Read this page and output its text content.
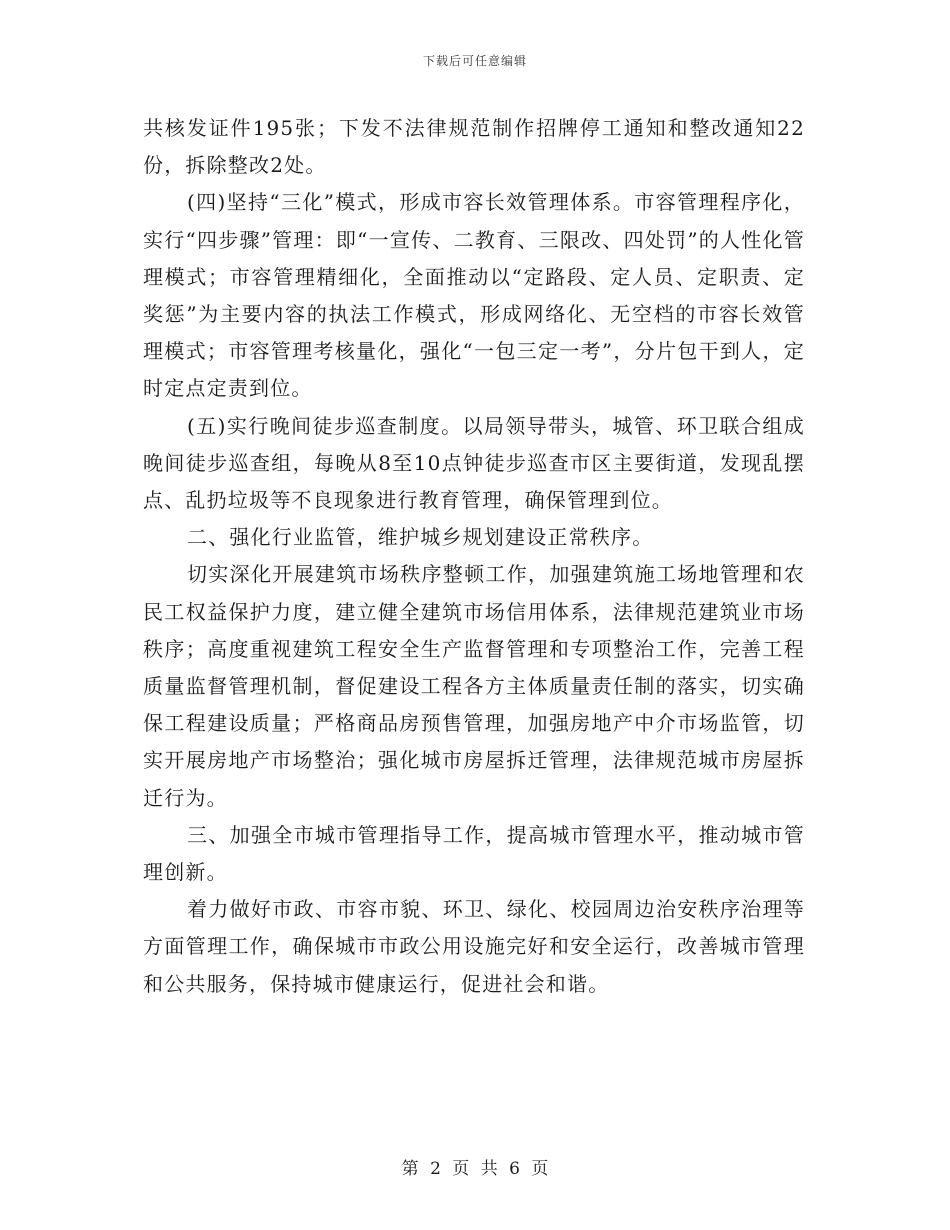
下载后可任意编辑

共核发证件195张；下发不法律规范制作招牌停工通知和整改通知22份，拆除整改2处。

(四)坚持“三化”模式，形成市容长效管理体系。市容管理程序化，实行“四步骤”管理：即“一宣传、二教育、三限改、四处罚”的人性化管理模式；市容管理精细化，全面推动以“定路段、定人员、定职责、定奖惩”为主要内容的执法工作模式，形成网络化、无空档的市容长效管理模式；市容管理考核量化，强化“一包三定一考”，分片包干到人，定时定点定责到位。

(五)实行晚间徒步巡查制度。以局领导带头，城管、环卫联合组成晚间徒步巡查组，每晚从8至10点钟徒步巡查市区主要街道，发现乱摆点、乱扔垃圾等不良现象进行教育管理，确保管理到位。

二、强化行业监管，维护城乡规划建设正常秩序。

切实深化开展建筑市场秩序整顿工作，加强建筑施工场地管理和农民工权益保护力度，建立健全建筑市场信用体系，法律规范建筑业市场秩序；高度重视建筑工程安全生产监督管理和专项整治工作，完善工程质量监督管理机制，督促建设工程各方主体质量责任制的落实，切实确保工程建设质量；严格商品房预售管理，加强房地产中介市场监管，切实开展房地产市场整治；强化城市房屋拆迁管理，法律规范城市房屋拆迁行为。

三、加强全市城市管理指导工作，提高城市管理水平，推动城市管理创新。

着力做好市政、市容市貌、环卫、绿化、校园周边治安秩序治理等方面管理工作，确保城市市政公用设施完好和安全运行，改善城市管理和公共服务，保持城市健康运行，促进社会和谐。

第 2 页 共 6 页
